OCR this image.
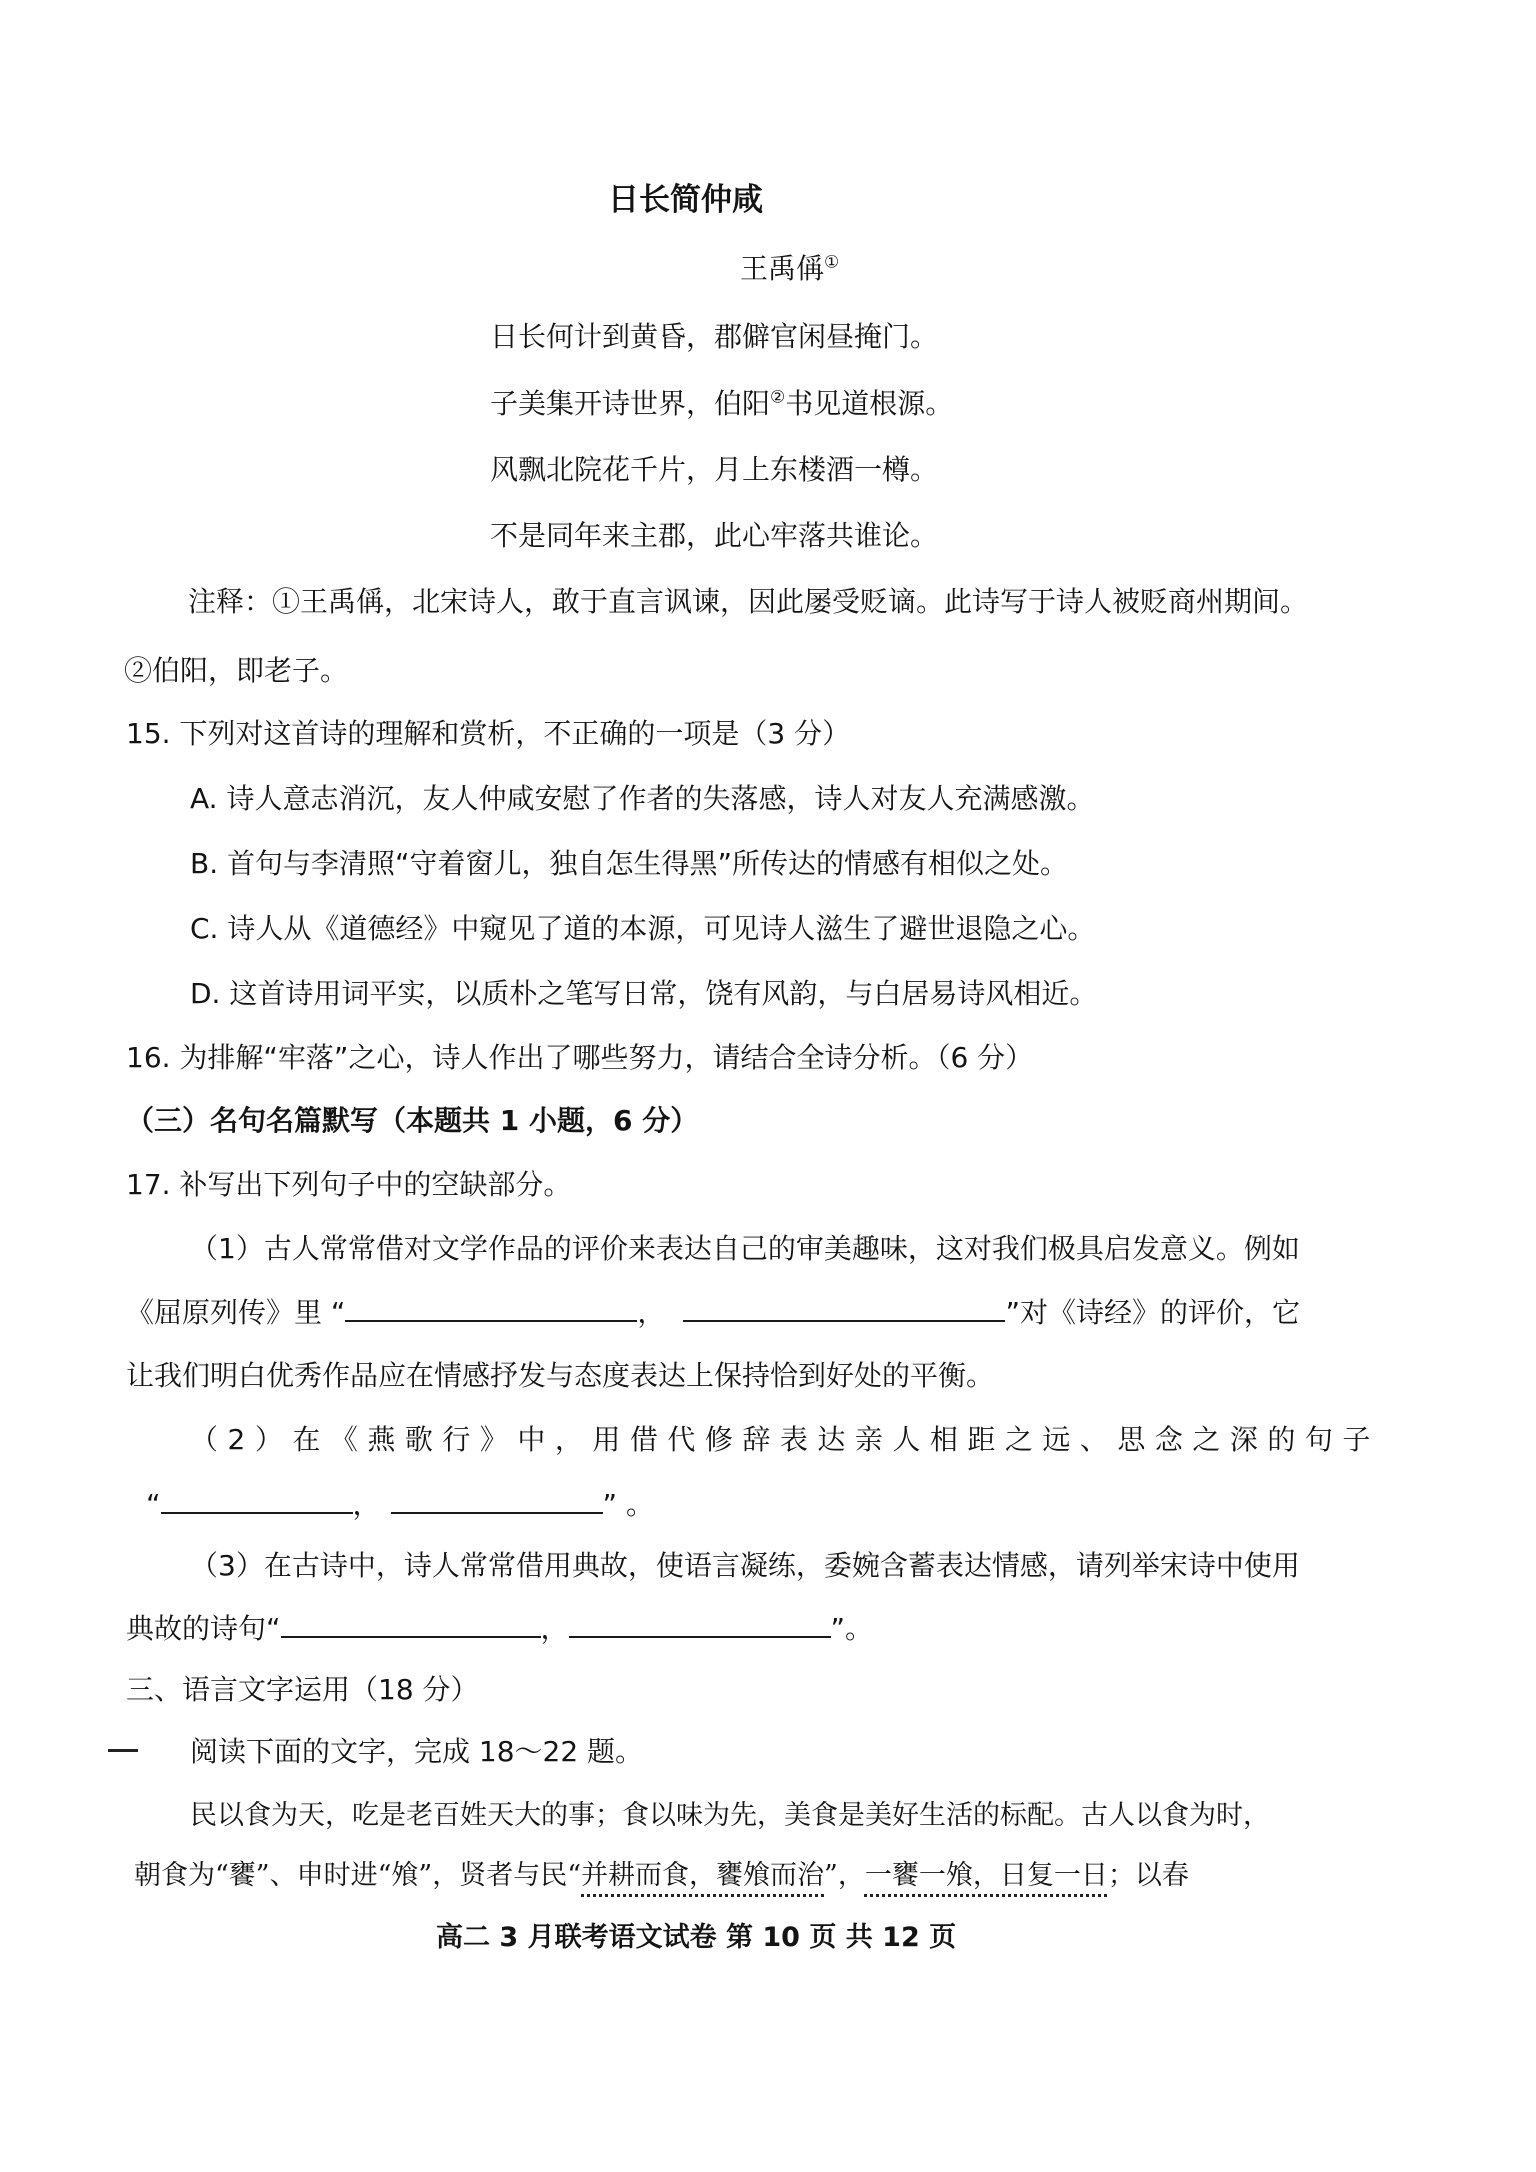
日长简仲咸
王禹偁①
日长何计到黄昏，郡僻官闲昼掩门。
子美集开诗世界，伯阳②书见道根源。
风飘北院花千片，月上东楼酒一樽。
不是同年来主郡，此心牢落共谁论。
注释：①王禹偁，北宋诗人，敢于直言讽谏，因此屡受贬谪。此诗写于诗人被贬商州期间。
②伯阳，即老子。
15. 下列对这首诗的理解和赏析，不正确的一项是（3 分）
A. 诗人意志消沉，友人仲咸安慰了作者的失落感，诗人对友人充满感激。
B. 首句与李清照“守着窗儿，独自怎生得黑”所传达的情感有相似之处。
C. 诗人从《道德经》中窥见了道的本源，可见诗人滋生了避世退隐之心。
D. 这首诗用词平实，以质朴之笔写日常，饶有风韵，与白居易诗风相近。
16. 为排解“牢落”之心，诗人作出了哪些努力，请结合全诗分析。（6 分）
（三）名句名篇默写（本题共 1 小题，6 分）
17. 补写出下列句子中的空缺部分。
（1）古人常常借对文学作品的评价来表达自己的审美趣味，这对我们极具启发意义。例如
《屈原列传》里 “	，	”对《诗经》的评价，它
让我们明白优秀作品应在情感抒发与态度表达上保持恰到好处的平衡。
（2）在《燕歌行》中，用借代修辞表达亲人相距之远、思念之深的句子
“	，	” 。
（3）在古诗中，诗人常常借用典故，使语言凝练，委婉含蓄表达情感，请列举宋诗中使用
典故的诗句“	，	”。
三、语言文字运用（18 分）
阅读下面的文字，完成 18～22 题。
民以食为天，吃是老百姓天大的事；食以味为先，美食是美好生活的标配。古人以食为时，
朝食为“饔”、申时进“飧”，贤者与民“并耕而食，饔飧而治”，一饔一飧，日复一日；以春
高二 3 月联考语文试卷 第 10 页 共 12 页
